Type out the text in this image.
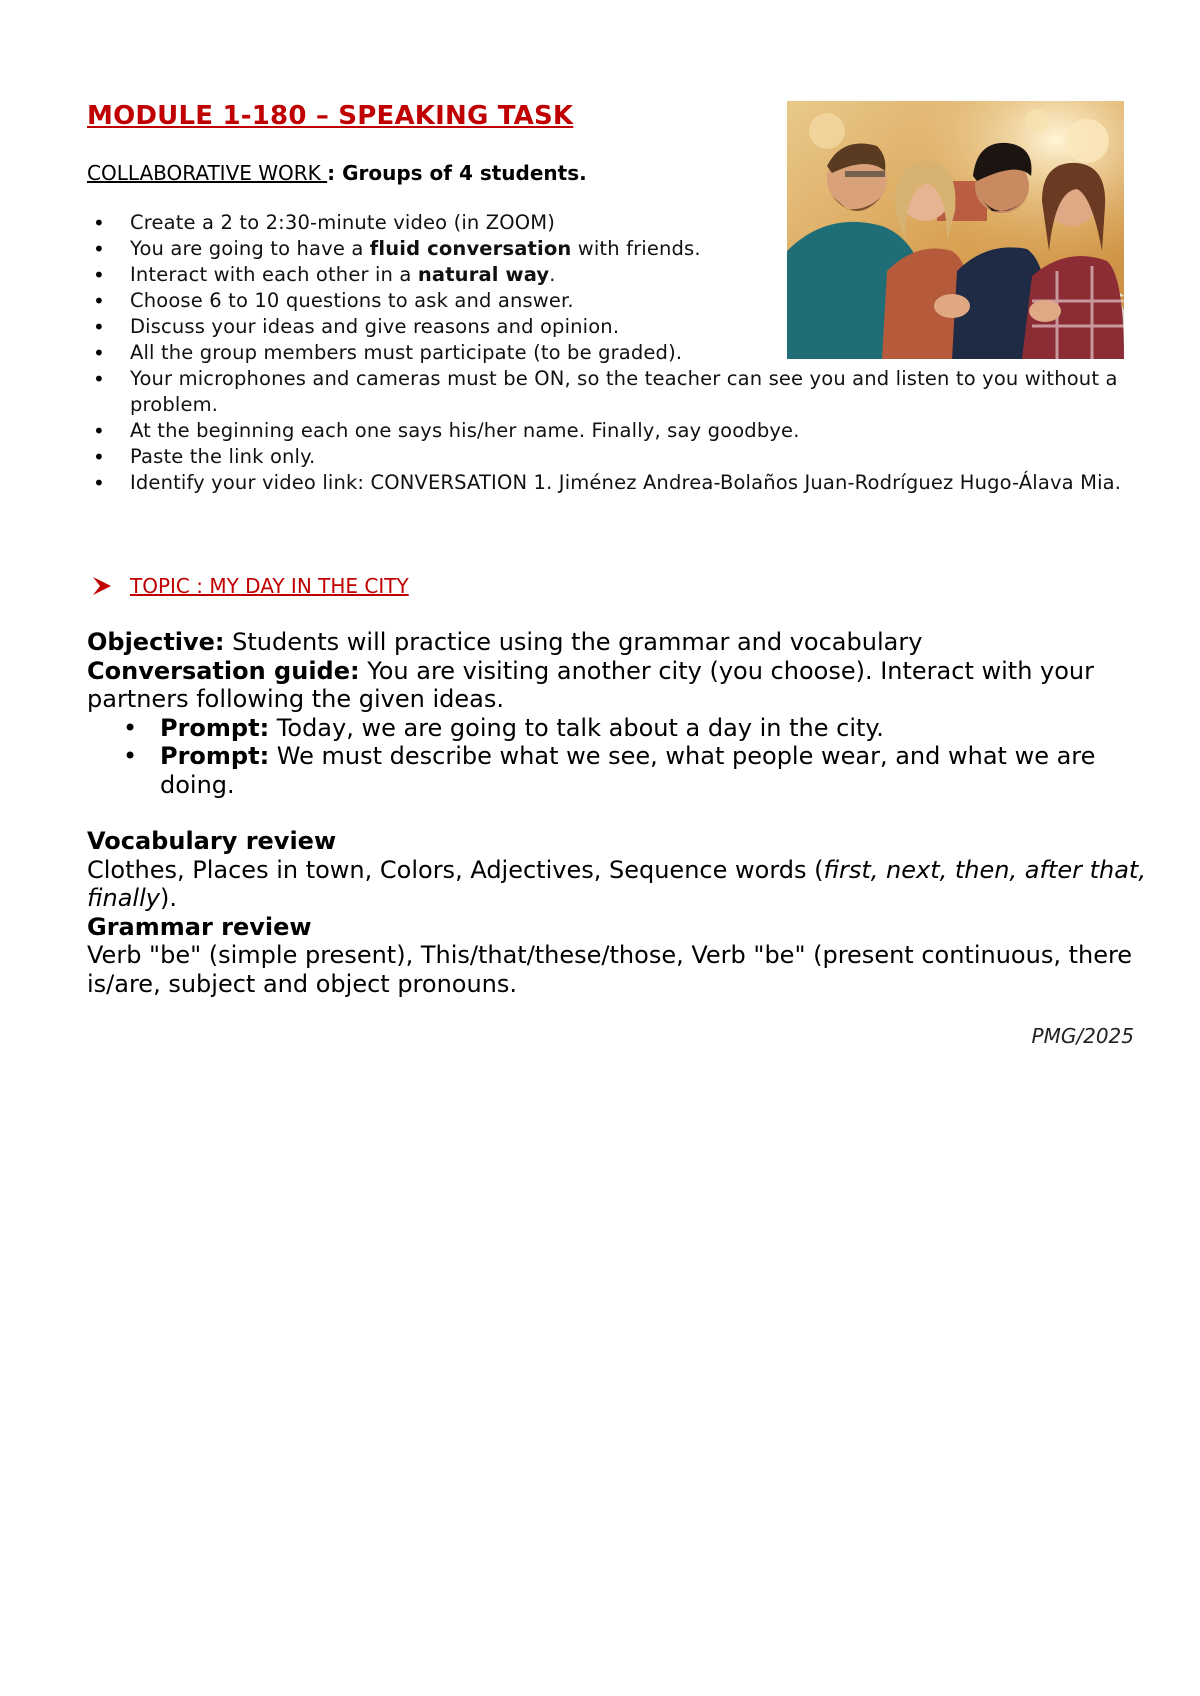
MODULE 1-180 – SPEAKING TASK
COLLABORATIVE WORK : Groups of 4 students.
• Create a 2 to 2:30-minute video (in ZOOM)
• You are going to have a fluid conversation with friends.
• Interact with each other in a natural way.
• Choose 6 to 10 questions to ask and answer.
• Discuss your ideas and give reasons and opinion.
• All the group members must participate (to be graded).
• Your microphones and cameras must be ON, so the teacher can see you and listen to you without a problem.
• At the beginning each one says his/her name. Finally, say goodbye.
• Paste the link only.
• Identify your video link: CONVERSATION 1. Jiménez Andrea-Bolaños Juan-Rodríguez Hugo-Álava Mia.
TOPIC : MY DAY IN THE CITY

Objective: Students will practice using the grammar and vocabulary

Conversation guide: You are visiting another city (you choose). Interact with your partners following the given ideas.

• Prompt: Today, we are going to talk about a day in the city.
• Prompt: We must describe what we see, what people wear, and what we are doing.

Vocabulary review

Clothes, Places in town, Colors, Adjectives, Sequence words (first, next, then, after that, finally).

Grammar review

Verb "be" (simple present), This/that/these/those, Verb "be" (present continuous, there is/are, subject and object pronouns.

PMG/2025
